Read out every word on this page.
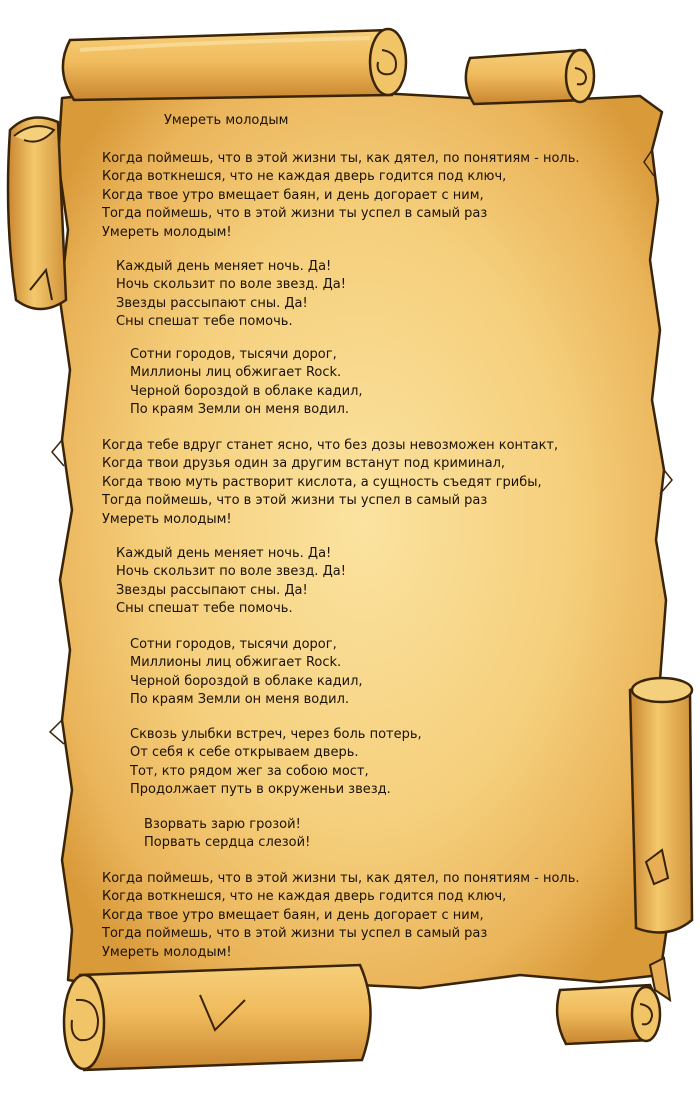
Умереть молодым
Когда поймешь, что в этой жизни ты, как дятел, по понятиям - ноль.
Когда воткнешся, что не каждая дверь годится под ключ,
Когда твое утро вмещает баян, и день догорает с ним,
Тогда поймешь, что в этой жизни ты успел в самый раз
Умереть молодым!
Каждый день меняет ночь. Да!
Ночь скользит по воле звезд. Да!
Звезды рассыпают сны. Да!
Сны спешат тебе помочь.
Сотни городов, тысячи дорог,
Миллионы лиц обжигает Rock.
Черной бороздой в облаке кадил,
По краям Земли он меня водил.
Когда тебе вдруг станет ясно, что без дозы невозможен контакт,
Когда твои друзья один за другим встанут под криминал,
Когда твою муть растворит кислота, а сущность съедят грибы,
Тогда поймешь, что в этой жизни ты успел в самый раз
Умереть молодым!
Каждый день меняет ночь. Да!
Ночь скользит по воле звезд. Да!
Звезды рассыпают сны. Да!
Сны спешат тебе помочь.
Сотни городов, тысячи дорог,
Миллионы лиц обжигает Rock.
Черной бороздой в облаке кадил,
По краям Земли он меня водил.
Сквозь улыбки встреч, через боль потерь,
От себя к себе открываем дверь.
Тот, кто рядом жег за собою мост,
Продолжает путь в окруженьи звезд.
Взорвать зарю грозой!
Порвать сердца слезой!
Когда поймешь, что в этой жизни ты, как дятел, по понятиям - ноль.
Когда воткнешся, что не каждая дверь годится под ключ,
Когда твое утро вмещает баян, и день догорает с ним,
Тогда поймешь, что в этой жизни ты успел в самый раз
Умереть молодым!
